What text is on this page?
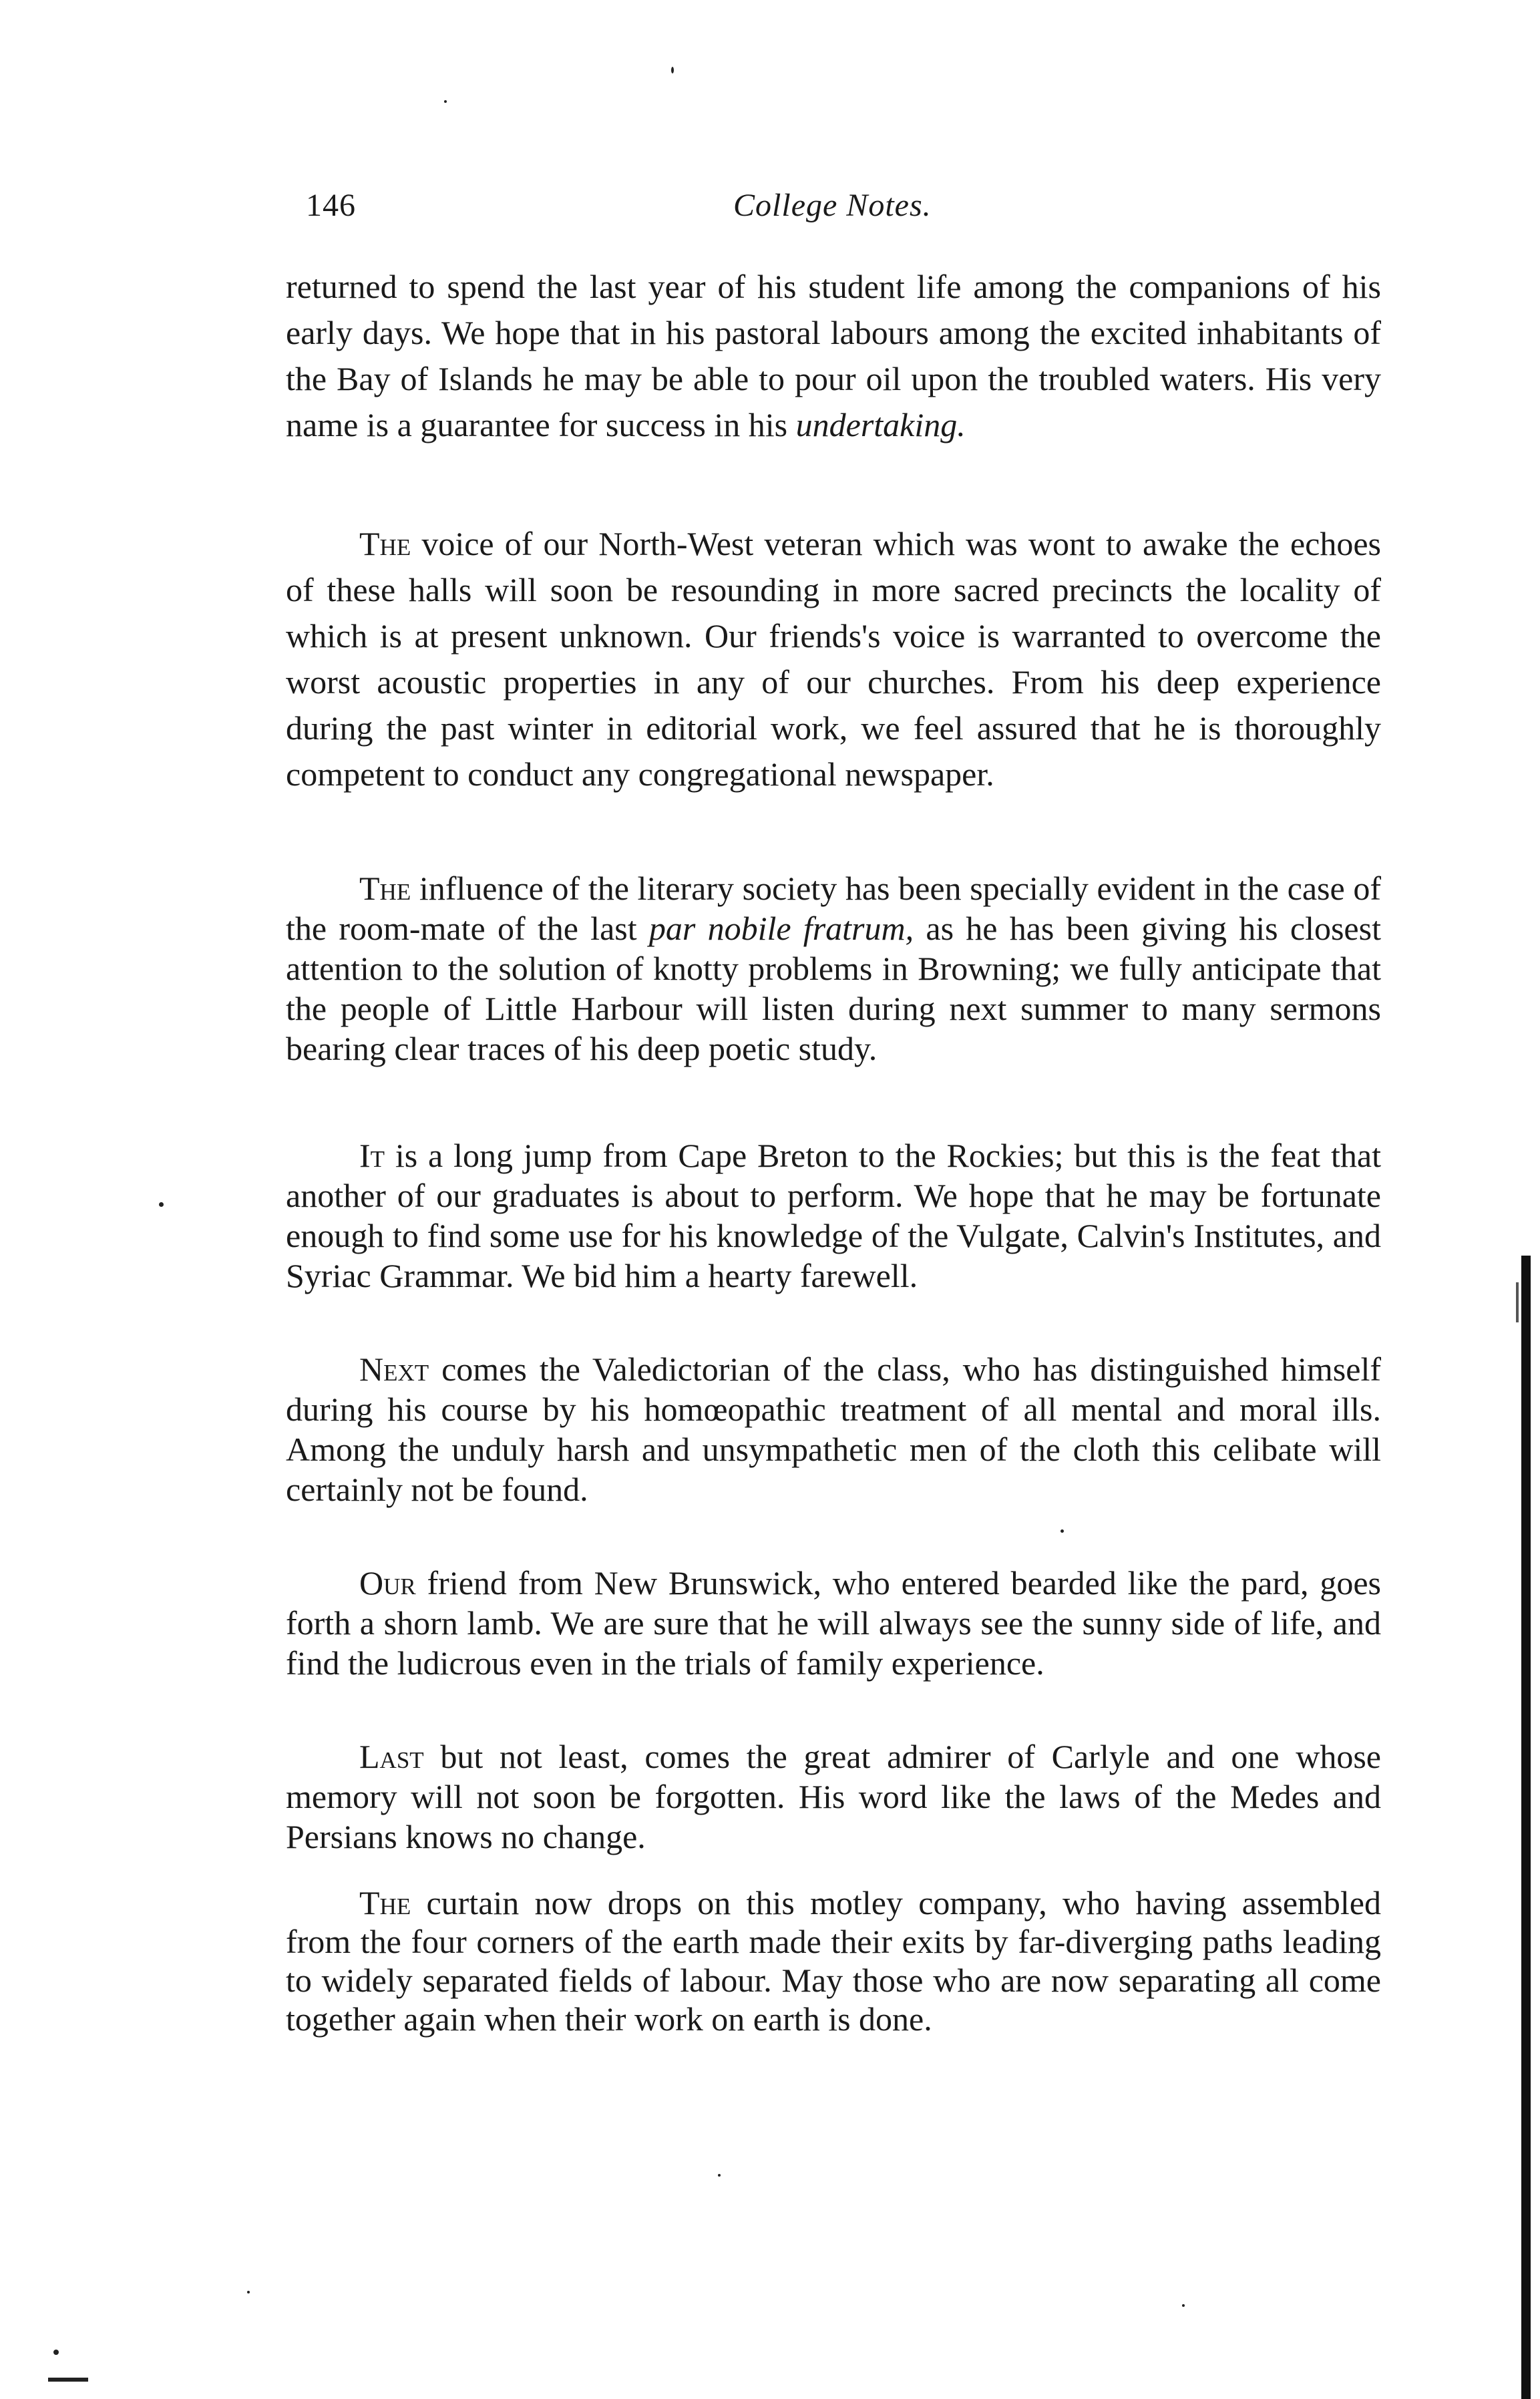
146	College Notes.

returned to spend the last year of his student life among the companions of his early days. We hope that in his pastoral labours among the excited inhabitants of the Bay of Islands he may be able to pour oil upon the troubled waters. His very name is a guarantee for success in his undertaking.

The voice of our North-West veteran which was wont to awake the echoes of these halls will soon be resounding in more sacred precincts the locality of which is at present unknown. Our friends's voice is warranted to overcome the worst acoustic properties in any of our churches. From his deep experience during the past winter in editorial work, we feel assured that he is thoroughly competent to conduct any congregational newspaper.

The influence of the literary society has been specially evident in the case of the room-mate of the last par nobile fratrum, as he has been giving his closest attention to the solution of knotty problems in Browning; we fully anticipate that the people of Little Harbour will listen during next summer to many sermons bearing clear traces of his deep poetic study.

It is a long jump from Cape Breton to the Rockies; but this is the feat that another of our graduates is about to perform. We hope that he may be fortunate enough to find some use for his knowledge of the Vulgate, Calvin's Institutes, and Syriac Grammar. We bid him a hearty farewell.

Next comes the Valedictorian of the class, who has distinguished himself during his course by his homœopathic treatment of all mental and moral ills. Among the unduly harsh and unsympathetic men of the cloth this celibate will certainly not be found.

Our friend from New Brunswick, who entered bearded like the pard, goes forth a shorn lamb. We are sure that he will always see the sunny side of life, and find the ludicrous even in the trials of family experience.

Last but not least, comes the great admirer of Carlyle and one whose memory will not soon be forgotten. His word like the laws of the Medes and Persians knows no change.

The curtain now drops on this motley company, who having assembled from the four corners of the earth made their exits by far-diverging paths leading to widely separated fields of labour. May those who are now separating all come together again when their work on earth is done.
